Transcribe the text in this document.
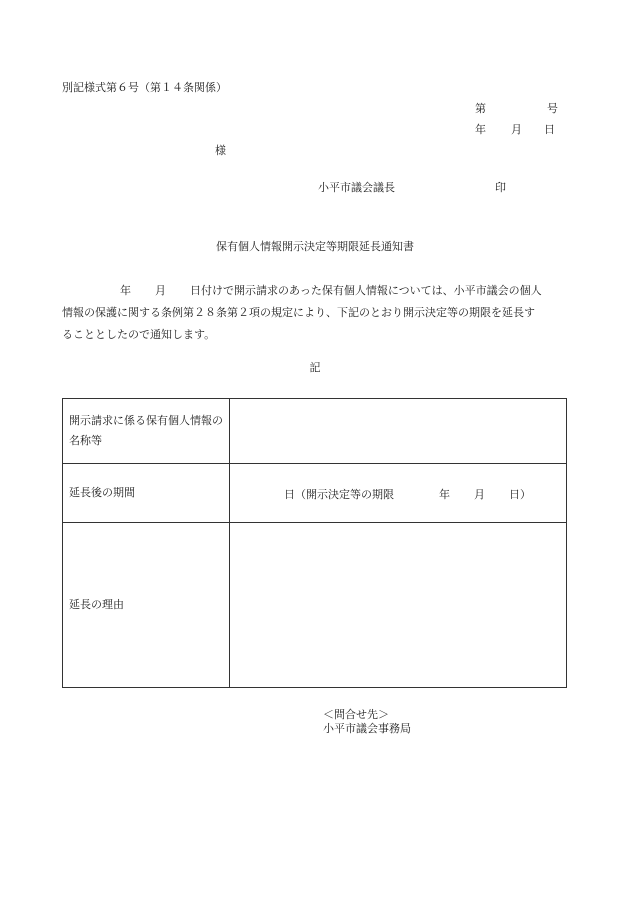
別記様式第６号（第１４条関係）
第	号
年 月 日
様
小平市議会議長	印
保有個人情報開示決定等期限延長通知書
年 月 日付けで開示請求のあった保有個人情報については、小平市議会の個人
情報の保護に関する条例第２８条第２項の規定により、下記のとおり開示決定等の期限を延長す
ることとしたので通知します。
記
開示請求に係る保有個人情報の名称等
延長後の期間	日（開示決定等の期限	年 月 日）
延長の理由
＜問合せ先＞
小平市議会事務局
